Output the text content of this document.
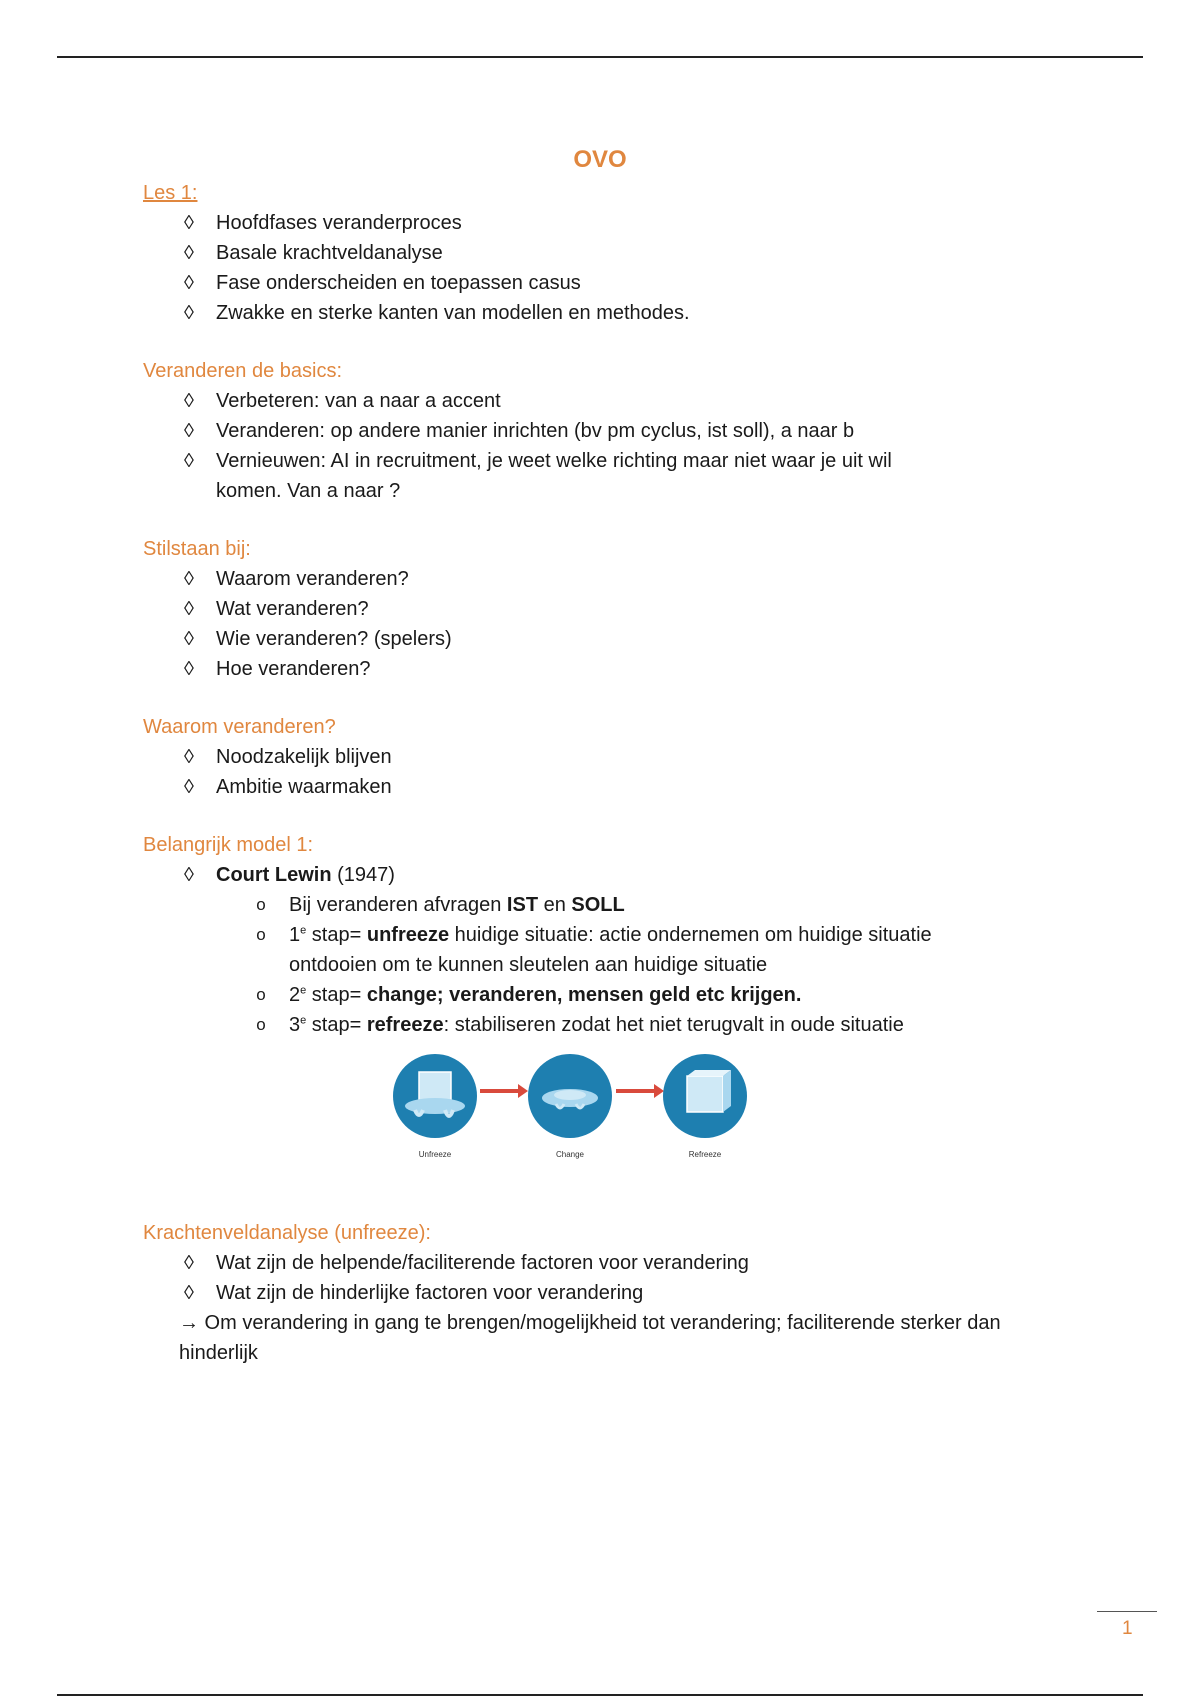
OVO
Les 1:
◊ Hoofdfases veranderproces
◊ Basale krachtveldanalyse
◊ Fase onderscheiden en toepassen casus
◊ Zwakke en sterke kanten van modellen en methodes.
Veranderen de basics:
◊ Verbeteren: van a naar a accent
◊ Veranderen: op andere manier inrichten (bv pm cyclus, ist soll), a naar b
◊ Vernieuwen: AI in recruitment, je weet welke richting maar niet waar je uit wil komen. Van a naar ?
Stilstaan bij:
◊ Waarom veranderen?
◊ Wat veranderen?
◊ Wie veranderen? (spelers)
◊ Hoe veranderen?
Waarom veranderen?
◊ Noodzakelijk blijven
◊ Ambitie waarmaken
Belangrijk model 1:
◊ Court Lewin (1947)
o Bij veranderen afvragen IST en SOLL
o 1e stap= unfreeze huidige situatie: actie ondernemen om huidige situatie ontdooien om te kunnen sleutelen aan huidige situatie
o 2e stap= change; veranderen, mensen geld etc krijgen.
o 3e stap= refreeze: stabiliseren zodat het niet terugvalt in oude situatie
Unfreeze	Change	Refreeze
Krachtenveldanalyse (unfreeze):
◊ Wat zijn de helpende/faciliterende factoren voor verandering
◊ Wat zijn de hinderlijke factoren voor verandering
→ Om verandering in gang te brengen/mogelijkheid tot verandering; faciliterende sterker dan hinderlijk
1
